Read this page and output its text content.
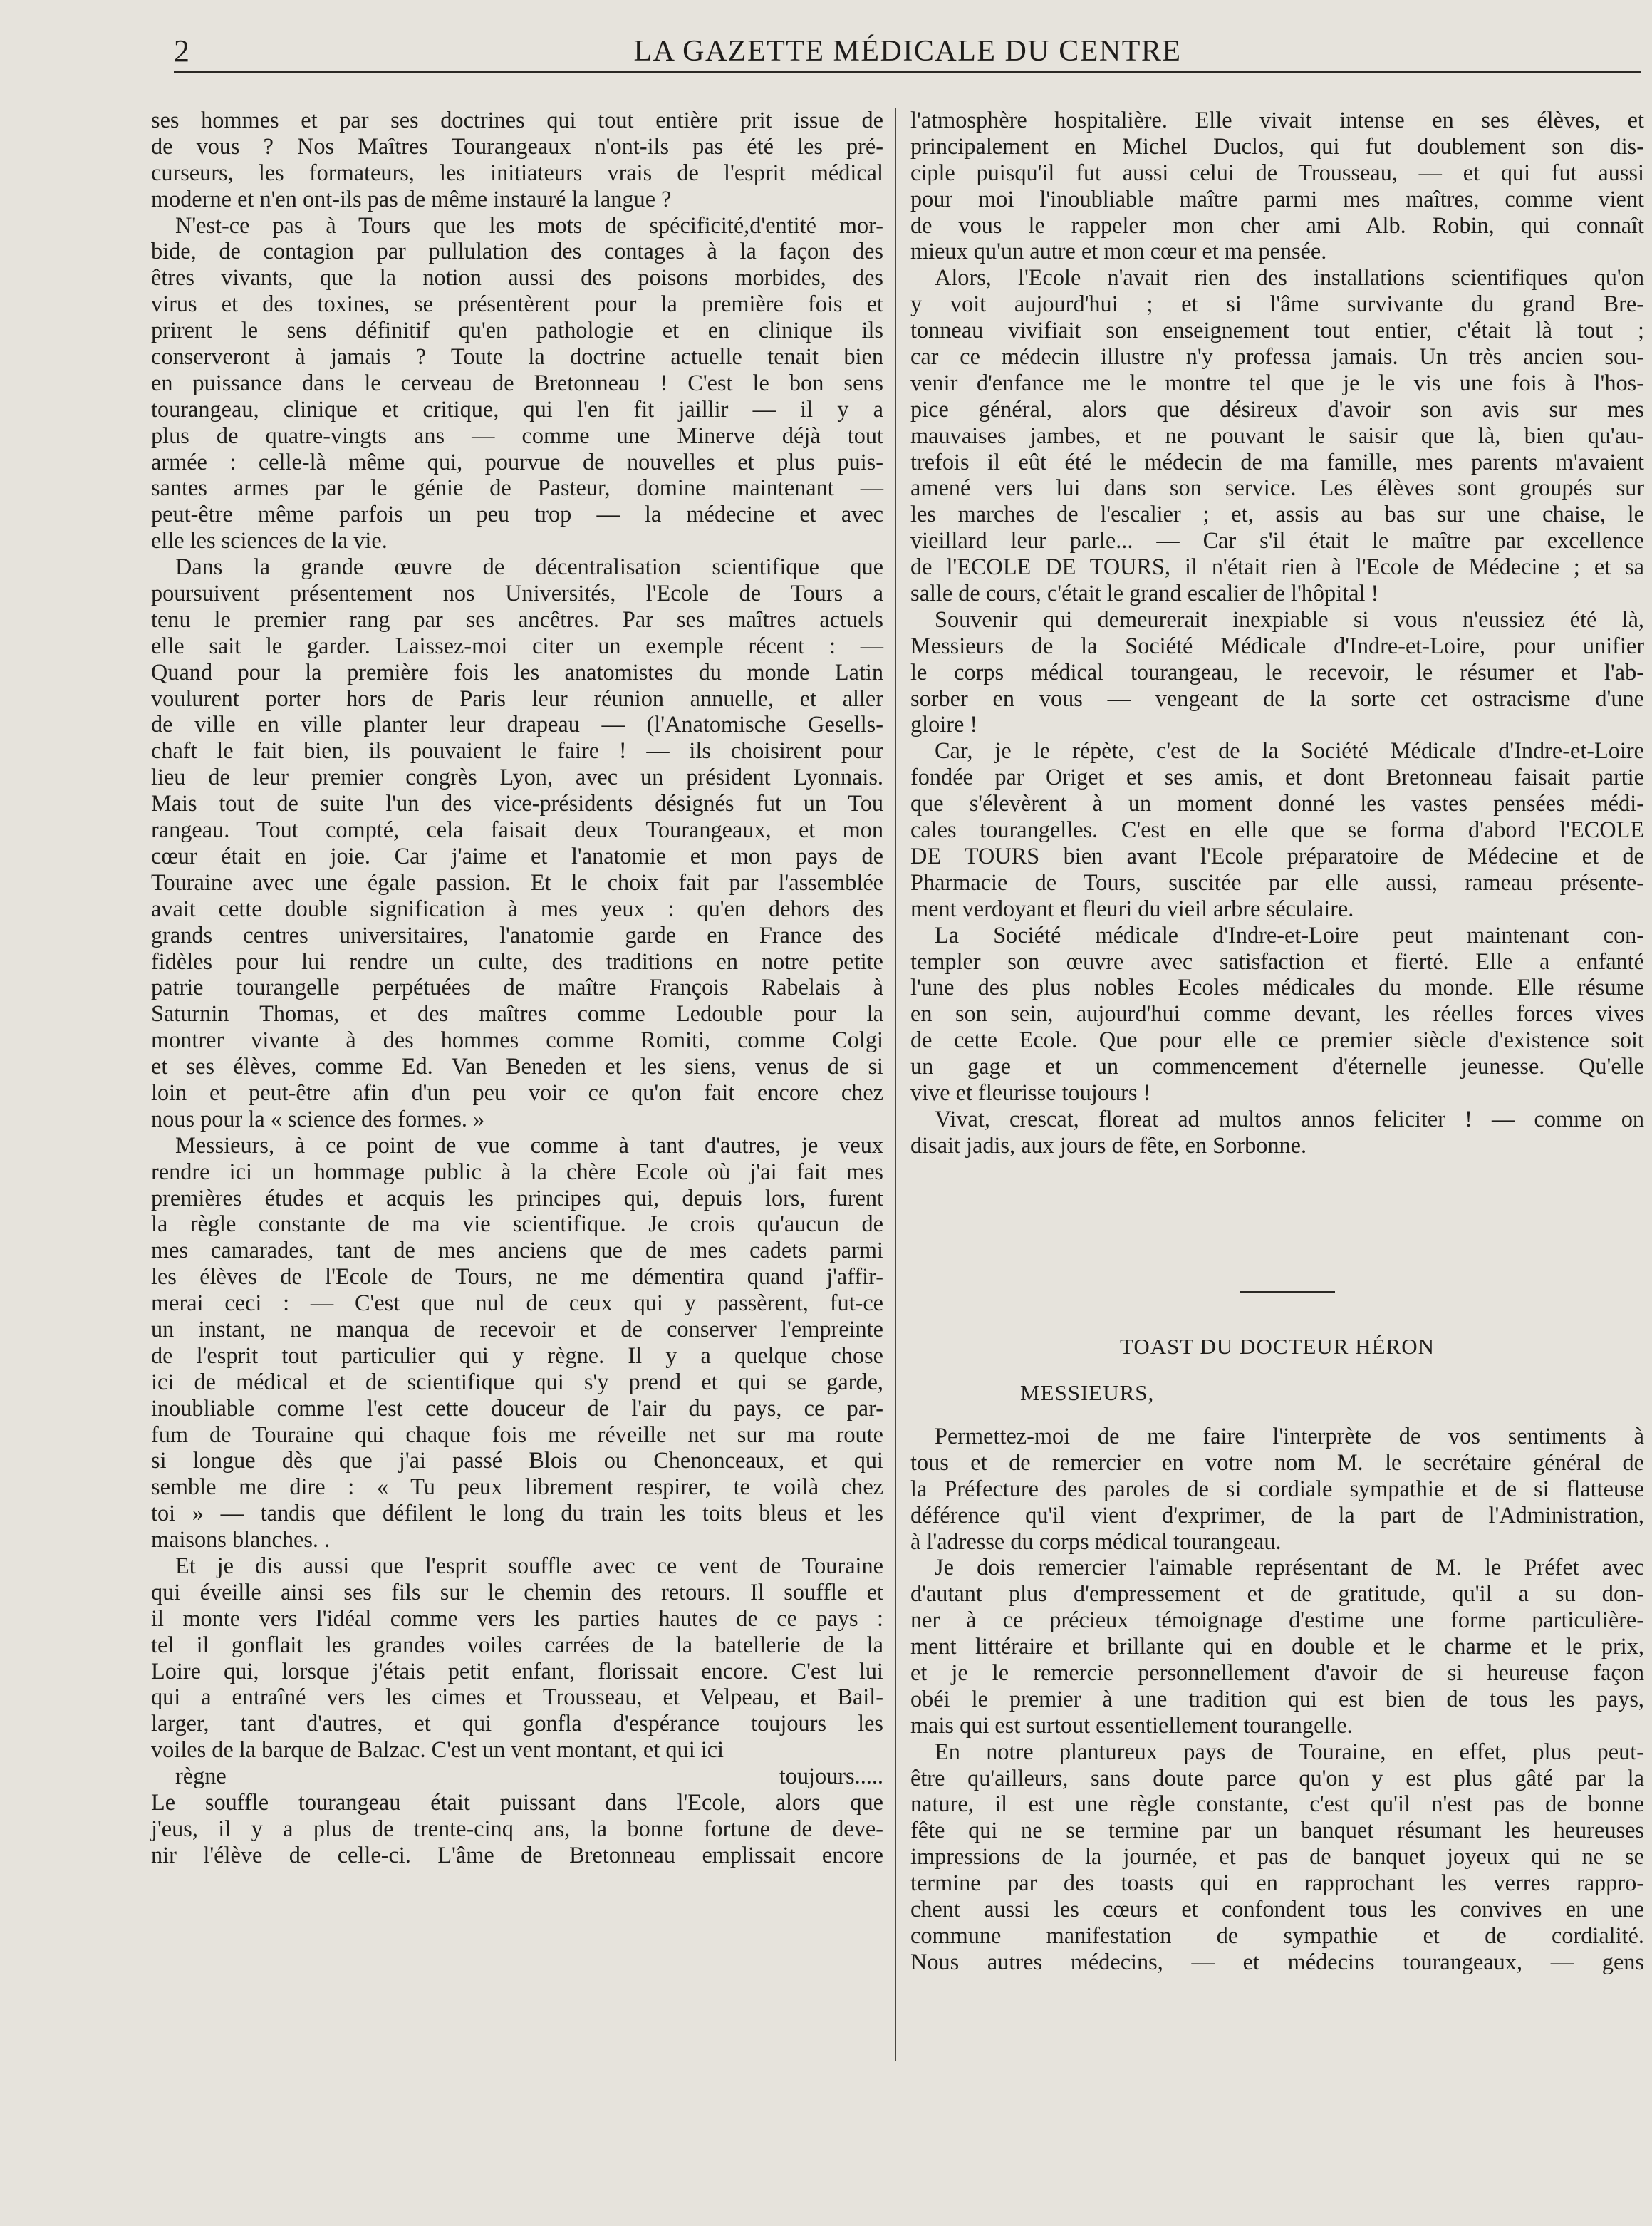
2	LA GAZETTE MÉDICALE DU CENTRE
ses hommes et par ses doctrines qui tout entière prit issue de
de vous ? Nos Maîtres Tourangeaux n'ont-ils pas été les pré-
curseurs, les formateurs, les initiateurs vrais de l'esprit médical
moderne et n'en ont-ils pas de même instauré la langue ?
N'est-ce pas à Tours que les mots de spécificité,d'entité mor-
bide, de contagion par pullulation des contages à la façon des
êtres vivants, que la notion aussi des poisons morbides, des
virus et des toxines, se présentèrent pour la première fois et
prirent le sens définitif qu'en pathologie et en clinique ils
conserveront à jamais ? Toute la doctrine actuelle tenait bien
en puissance dans le cerveau de Bretonneau ! C'est le bon sens
tourangeau, clinique et critique, qui l'en fit jaillir — il y a
plus de quatre-vingts ans — comme une Minerve déjà tout
armée : celle-là même qui, pourvue de nouvelles et plus puis-
santes armes par le génie de Pasteur, domine maintenant —
peut-être même parfois un peu trop — la médecine et avec
elle les sciences de la vie.
Dans la grande œuvre de décentralisation scientifique que
poursuivent présentement nos Universités, l'Ecole de Tours a
tenu le premier rang par ses ancêtres. Par ses maîtres actuels
elle sait le garder. Laissez-moi citer un exemple récent : —
Quand pour la première fois les anatomistes du monde Latin
voulurent porter hors de Paris leur réunion annuelle, et aller
de ville en ville planter leur drapeau — (l'Anatomische Gesells-
chaft le fait bien, ils pouvaient le faire ! — ils choisirent pour
lieu de leur premier congrès Lyon, avec un président Lyonnais.
Mais tout de suite l'un des vice-présidents désignés fut un Tou
rangeau. Tout compté, cela faisait deux Tourangeaux, et mon
cœur était en joie. Car j'aime et l'anatomie et mon pays de
Touraine avec une égale passion. Et le choix fait par l'assemblée
avait cette double signification à mes yeux : qu'en dehors des
grands centres universitaires, l'anatomie garde en France des
fidèles pour lui rendre un culte, des traditions en notre petite
patrie tourangelle perpétuées de maître François Rabelais à
Saturnin Thomas, et des maîtres comme Ledouble pour la
montrer vivante à des hommes comme Romiti, comme Colgi
et ses élèves, comme Ed. Van Beneden et les siens, venus de si
loin et peut-être afin d'un peu voir ce qu'on fait encore chez
nous pour la « science des formes. »
Messieurs, à ce point de vue comme à tant d'autres, je veux
rendre ici un hommage public à la chère Ecole où j'ai fait mes
premières études et acquis les principes qui, depuis lors, furent
la règle constante de ma vie scientifique. Je crois qu'aucun de
mes camarades, tant de mes anciens que de mes cadets parmi
les élèves de l'Ecole de Tours, ne me démentira quand j'affir-
merai ceci : — C'est que nul de ceux qui y passèrent, fut-ce
un instant, ne manqua de recevoir et de conserver l'empreinte
de l'esprit tout particulier qui y règne. Il y a quelque chose
ici de médical et de scientifique qui s'y prend et qui se garde,
inoubliable comme l'est cette douceur de l'air du pays, ce par-
fum de Touraine qui chaque fois me réveille net sur ma route
si longue dès que j'ai passé Blois ou Chenonceaux, et qui
semble me dire : « Tu peux librement respirer, te voilà chez
toi » — tandis que défilent le long du train les toits bleus et les
maisons blanches. .
Et je dis aussi que l'esprit souffle avec ce vent de Touraine
qui éveille ainsi ses fils sur le chemin des retours. Il souffle et
il monte vers l'idéal comme vers les parties hautes de ce pays :
tel il gonflait les grandes voiles carrées de la batellerie de la
Loire qui, lorsque j'étais petit enfant, florissait encore. C'est lui
qui a entraîné vers les cimes et Trousseau, et Velpeau, et Bail-
larger, tant d'autres, et qui gonfla d'espérance toujours les
voiles de la barque de Balzac. C'est un vent montant, et qui ici
règne toujours.....
Le souffle tourangeau était puissant dans l'Ecole, alors que
j'eus, il y a plus de trente-cinq ans, la bonne fortune de deve-
nir l'élève de celle-ci. L'âme de Bretonneau emplissait encore
l'atmosphère hospitalière. Elle vivait intense en ses élèves, et
principalement en Michel Duclos, qui fut doublement son dis-
ciple puisqu'il fut aussi celui de Trousseau, — et qui fut aussi
pour moi l'inoubliable maître parmi mes maîtres, comme vient
de vous le rappeler mon cher ami Alb. Robin, qui connaît
mieux qu'un autre et mon cœur et ma pensée.
Alors, l'Ecole n'avait rien des installations scientifiques qu'on
y voit aujourd'hui ; et si l'âme survivante du grand Bre-
tonneau vivifiait son enseignement tout entier, c'était là tout ;
car ce médecin illustre n'y professa jamais. Un très ancien sou-
venir d'enfance me le montre tel que je le vis une fois à l'hos-
pice général, alors que désireux d'avoir son avis sur mes
mauvaises jambes, et ne pouvant le saisir que là, bien qu'au-
trefois il eût été le médecin de ma famille, mes parents m'avaient
amené vers lui dans son service. Les élèves sont groupés sur
les marches de l'escalier ; et, assis au bas sur une chaise, le
vieillard leur parle... — Car s'il était le maître par excellence
de l'ECOLE DE TOURS, il n'était rien à l'Ecole de Médecine ; et sa
salle de cours, c'était le grand escalier de l'hôpital !
Souvenir qui demeurerait inexpiable si vous n'eussiez été là,
Messieurs de la Société Médicale d'Indre-et-Loire, pour unifier
le corps médical tourangeau, le recevoir, le résumer et l'ab-
sorber en vous — vengeant de la sorte cet ostracisme d'une
gloire !
Car, je le répète, c'est de la Société Médicale d'Indre-et-Loire
fondée par Origet et ses amis, et dont Bretonneau faisait partie
que s'élevèrent à un moment donné les vastes pensées médi-
cales tourangelles. C'est en elle que se forma d'abord l'ECOLE
DE TOURS bien avant l'Ecole préparatoire de Médecine et de
Pharmacie de Tours, suscitée par elle aussi, rameau présente-
ment verdoyant et fleuri du vieil arbre séculaire.
La Société médicale d'Indre-et-Loire peut maintenant con-
templer son œuvre avec satisfaction et fierté. Elle a enfanté
l'une des plus nobles Ecoles médicales du monde. Elle résume
en son sein, aujourd'hui comme devant, les réelles forces vives
de cette Ecole. Que pour elle ce premier siècle d'existence soit
un gage et un commencement d'éternelle jeunesse. Qu'elle
vive et fleurisse toujours !
Vivat, crescat, floreat ad multos annos feliciter ! — comme on
disait jadis, aux jours de fête, en Sorbonne.
TOAST DU DOCTEUR HÉRON
MESSIEURS,
Permettez-moi de me faire l'interprète de vos sentiments à
tous et de remercier en votre nom M. le secrétaire général de
la Préfecture des paroles de si cordiale sympathie et de si flatteuse
déférence qu'il vient d'exprimer, de la part de l'Administration,
à l'adresse du corps médical tourangeau.
Je dois remercier l'aimable représentant de M. le Préfet avec
d'autant plus d'empressement et de gratitude, qu'il a su don-
ner à ce précieux témoignage d'estime une forme particulière-
ment littéraire et brillante qui en double et le charme et le prix,
et je le remercie personnellement d'avoir de si heureuse façon
obéi le premier à une tradition qui est bien de tous les pays,
mais qui est surtout essentiellement tourangelle.
En notre plantureux pays de Touraine, en effet, plus peut-
être qu'ailleurs, sans doute parce qu'on y est plus gâté par la
nature, il est une règle constante, c'est qu'il n'est pas de bonne
fête qui ne se termine par un banquet résumant les heureuses
impressions de la journée, et pas de banquet joyeux qui ne se
termine par des toasts qui en rapprochant les verres rappro-
chent aussi les cœurs et confondent tous les convives en une
commune manifestation de sympathie et de cordialité.
Nous autres médecins, — et médecins tourangeaux, — gens
